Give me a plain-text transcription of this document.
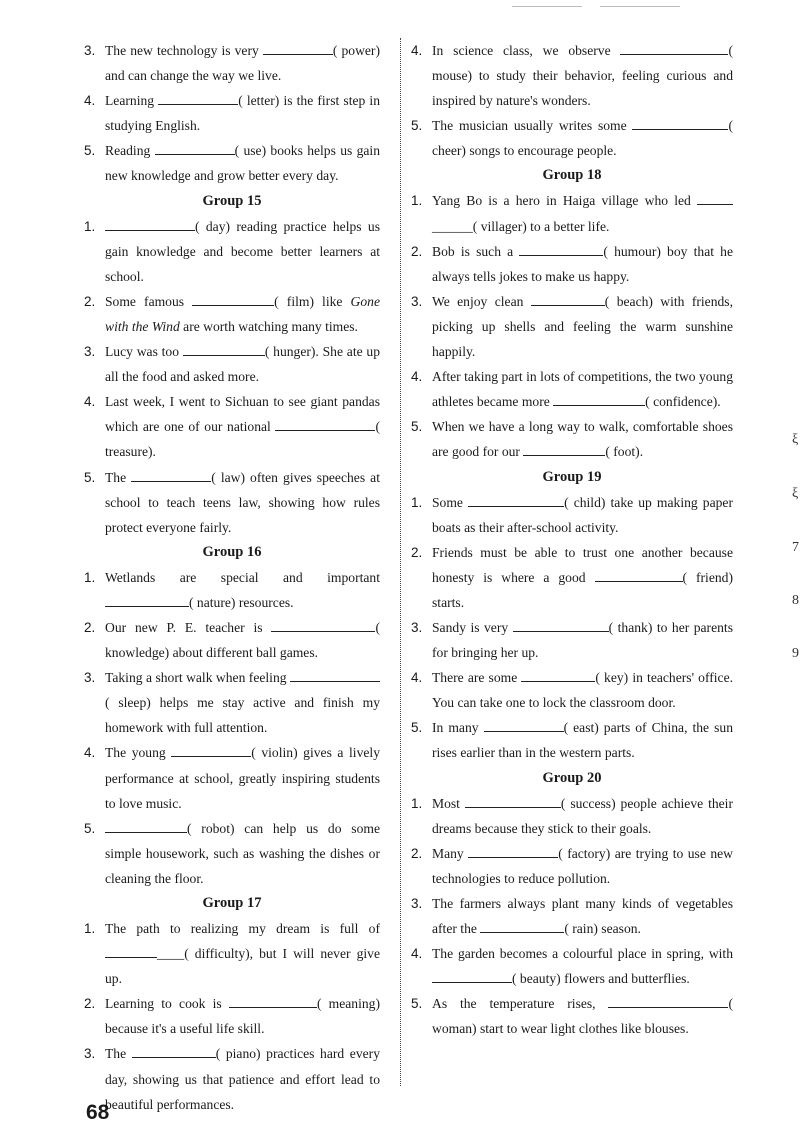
3. The new technology is very	( power) and can change the way we live.
4. Learning	( letter) is the first step in studying English.
5. Reading	( use) books helps us gain new knowledge and grow better every day.
Group 15
1.	( day) reading practice helps us gain knowledge and become better learners at school.
2. Some famous	( film) like Gone with the Wind are worth watching many times.
3. Lucy was too	( hunger). She ate up all the food and asked more.
4. Last week, I went to Sichuan to see giant pandas which are one of our national	( treasure).
5. The	( law) often gives speeches at school to teach teens law, showing how rules protect everyone fairly.
Group 16
1. Wetlands are special and important ( nature) resources.
2. Our new P. E. teacher is	( knowledge) about different ball games.
3. Taking a short walk when feeling ( sleep) helps me stay active and finish my homework with full attention.
4. The young	( violin) gives a lively performance at school, greatly inspiring students to love music.
5.	( robot) can help us do some simple housework, such as washing the dishes or cleaning the floor.
Group 17
1. The path to realizing my dream is full of ____( difficulty), but I will never give up.
2. Learning to cook is	( meaning) because it's a useful life skill.
3. The	( piano) practices hard every day, showing us that patience and effort lead to beautiful performances.
4. In science class, we observe	( mouse) to study their behavior, feeling curious and inspired by nature's wonders.
5. The musician usually writes some	( cheer) songs to encourage people.
Group 18
1. Yang Bo is a hero in Haiga village who led ______( villager) to a better life.
2. Bob is such a	( humour) boy that he always tells jokes to make us happy.
3. We enjoy clean	( beach) with friends, picking up shells and feeling the warm sunshine happily.
4. After taking part in lots of competitions, the two young athletes became more	( confidence).
5. When we have a long way to walk, comfortable shoes are good for our	( foot).
Group 19
1. Some	( child) take up making paper boats as their after-school activity.
2. Friends must be able to trust one another because honesty is where a good	( friend) starts.
3. Sandy is very	( thank) to her parents for bringing her up.
4. There are some	( key) in teachers' office. You can take one to lock the classroom door.
5. In many	( east) parts of China, the sun rises earlier than in the western parts.
Group 20
1. Most	( success) people achieve their dreams because they stick to their goals.
2. Many	( factory) are trying to use new technologies to reduce pollution.
3. The farmers always plant many kinds of vegetables after the	( rain) season.
4. The garden becomes a colourful place in spring, with ( beauty) flowers and butterflies.
5. As the temperature rises,	( woman) start to wear light clothes like blouses.
68
ξ
ξ
7
8
9
